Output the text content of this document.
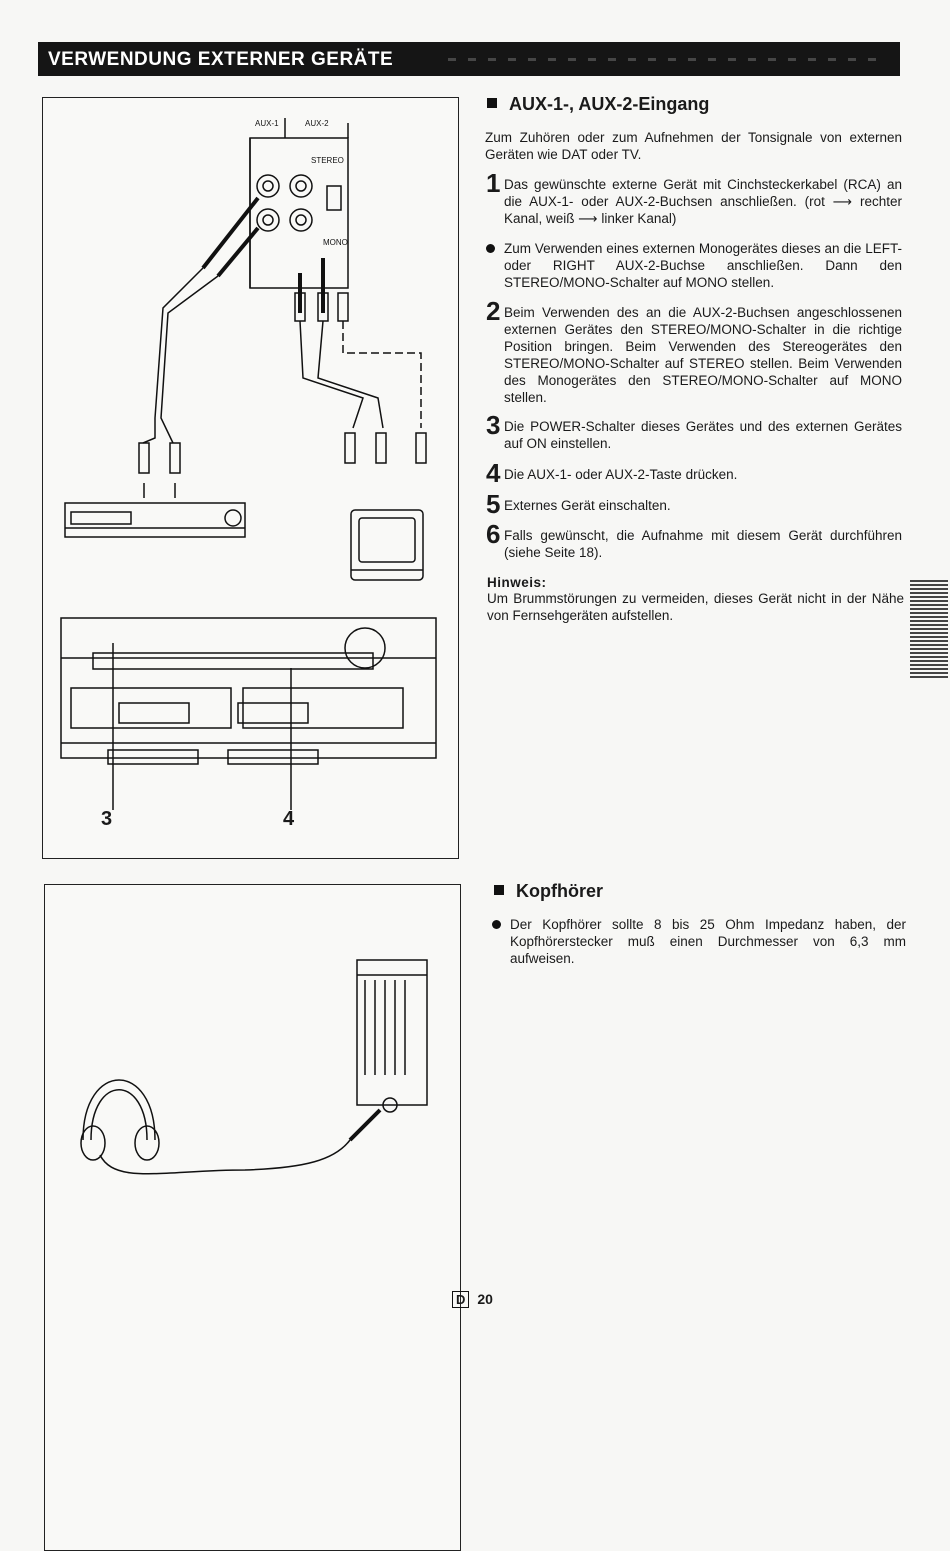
VERWENDUNG EXTERNER GERÄTE
AUX-1	AUX-2
STEREO
MONO
3	4
AUX-1-, AUX-2-Eingang
Zum Zuhören oder zum Aufnehmen der Tonsignale von externen Geräten wie DAT oder TV.
1 Das gewünschte externe Gerät mit Cinchsteckerkabel (RCA) an die AUX-1- oder AUX-2-Buchsen anschließen. (rot ⟶ rechter Kanal, weiß ⟶ linker Kanal)
Zum Verwenden eines externen Monogerätes dieses an die LEFT- oder RIGHT AUX-2-Buchse anschließen. Dann den STEREO/MONO-Schalter auf MONO stellen.
2 Beim Verwenden des an die AUX-2-Buchsen angeschlossenen externen Gerätes den STEREO/MONO-Schalter in die richtige Position bringen. Beim Verwenden des Stereogerätes den STEREO/MONO-Schalter auf STEREO stellen. Beim Verwenden des Monogerätes den STEREO/MONO-Schalter auf MONO stellen.
3 Die POWER-Schalter dieses Gerätes und des externen Gerätes auf ON einstellen.
4 Die AUX-1- oder AUX-2-Taste drücken.
5 Externes Gerät einschalten.
6 Falls gewünscht, die Aufnahme mit diesem Gerät durchführen (siehe Seite 18).
Hinweis:
Um Brummstörungen zu vermeiden, dieses Gerät nicht in der Nähe von Fernsehgeräten aufstellen.
Kopfhörer
Der Kopfhörer sollte 8 bis 25 Ohm Impedanz haben, der Kopfhörerstecker muß einen Durchmesser von 6,3 mm aufweisen.
D 20
